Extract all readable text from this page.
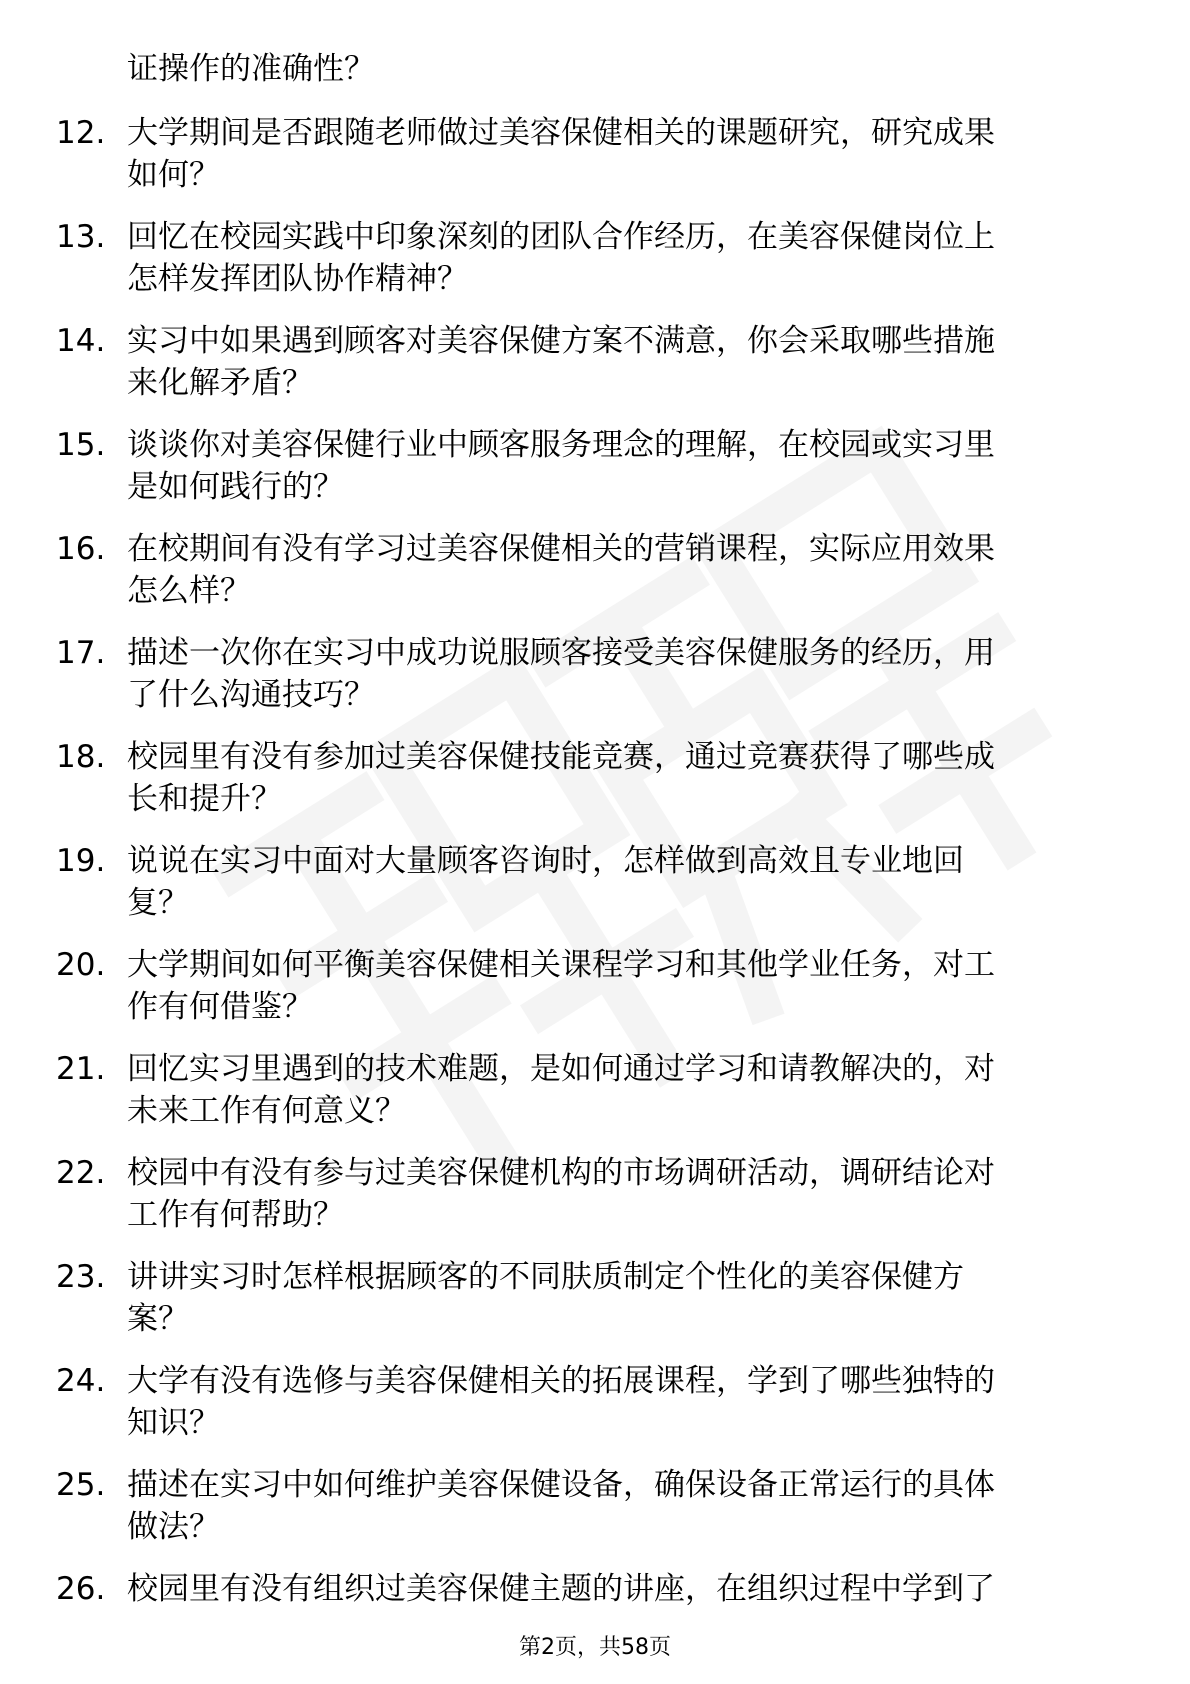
证操作的准确性？

12. 大学期间是否跟随老师做过美容保健相关的课题研究，研究成果
如何？
13. 回忆在校园实践中印象深刻的团队合作经历，在美容保健岗位上
怎样发挥团队协作精神？
14. 实习中如果遇到顾客对美容保健方案不满意，你会采取哪些措施
来化解矛盾？
15. 谈谈你对美容保健行业中顾客服务理念的理解，在校园或实习里
是如何践行的？
16. 在校期间有没有学习过美容保健相关的营销课程，实际应用效果
怎么样？
17. 描述一次你在实习中成功说服顾客接受美容保健服务的经历，用
了什么沟通技巧？
18. 校园里有没有参加过美容保健技能竞赛，通过竞赛获得了哪些成
长和提升？
19. 说说在实习中面对大量顾客咨询时，怎样做到高效且专业地回
复？
20. 大学期间如何平衡美容保健相关课程学习和其他学业任务，对工
作有何借鉴？
21. 回忆实习里遇到的技术难题，是如何通过学习和请教解决的，对
未来工作有何意义？
22. 校园中有没有参与过美容保健机构的市场调研活动，调研结论对
工作有何帮助？
23. 讲讲实习时怎样根据顾客的不同肤质制定个性化的美容保健方
案？
24. 大学有没有选修与美容保健相关的拓展课程，学到了哪些独特的
知识？
25. 描述在实习中如何维护美容保健设备，确保设备正常运行的具体
做法？
26. 校园里有没有组织过美容保健主题的讲座，在组织过程中学到了
第2页，共58页
